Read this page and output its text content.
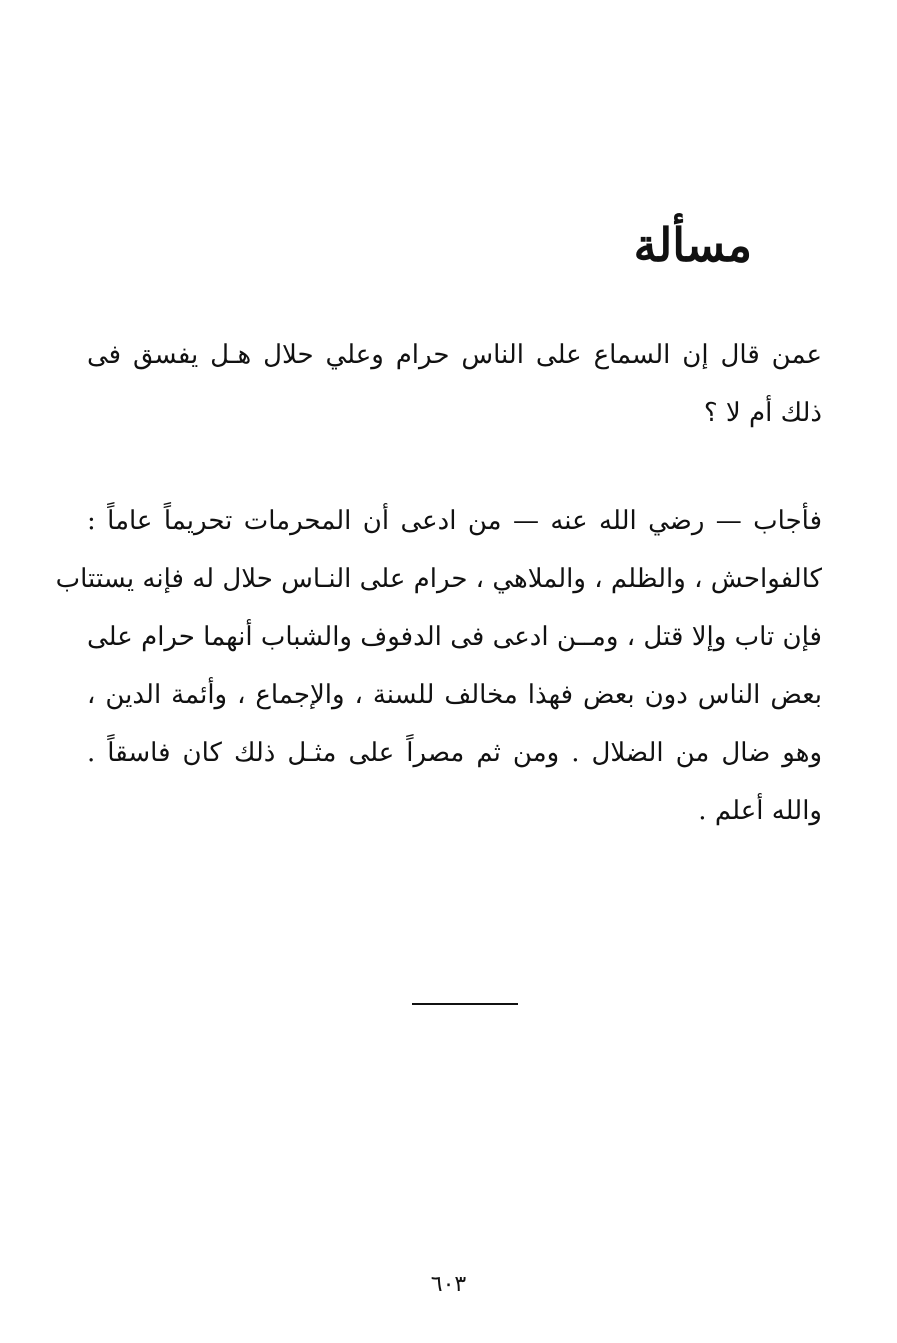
مسألة
عمن قال إن السماع على الناس حرام وعلي حلال هـل يفسق فى
ذلك أم لا ؟
فأجاب — رضي الله عنه — من ادعى أن المحرمات تحريماً عاماً :
كالفواحش ، والظلم ، والملاهي ، حرام على النـاس حلال له فإنه يستتاب
فإن تاب وإلا قتل ، ومــن ادعى فى الدفوف والشباب أنهما حرام على
بعض الناس دون بعض فهذا مخالف للسنة ، والإجماع ، وأئمة الدين ،
وهو ضال من الضلال . ومن ثم مصراً على مثـل ذلك كان فاسقاً .
والله أعلم .
٦٠٣
